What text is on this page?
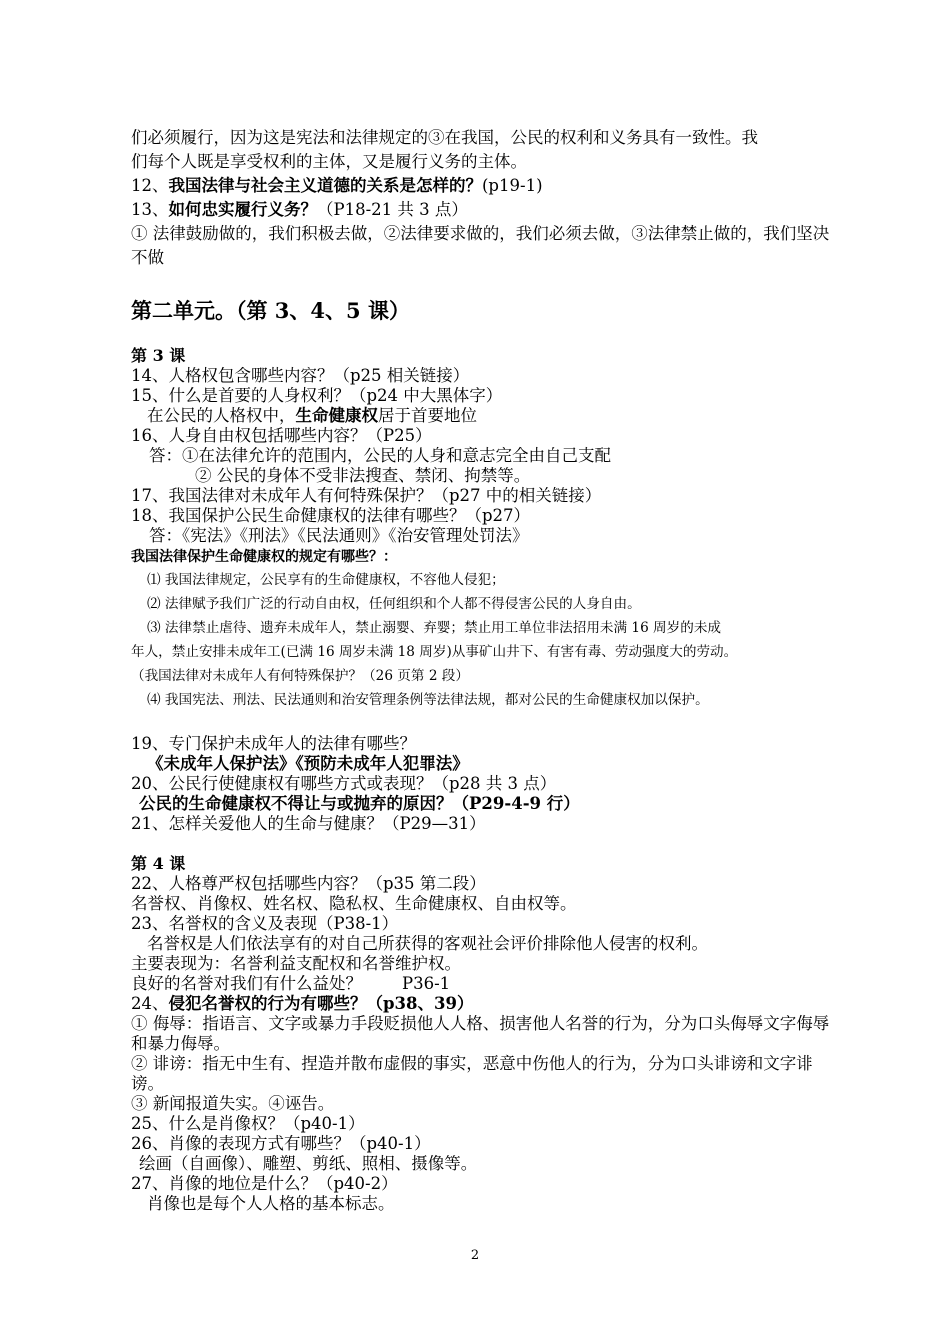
们必须履行，因为这是宪法和法律规定的③在我国，公民的权利和义务具有一致性。我
们每个人既是享受权利的主体，又是履行义务的主体。
12、我国法律与社会主义道德的关系是怎样的？(p19-1)
13、如何忠实履行义务？（P18-21 共 3 点）
① 法律鼓励做的，我们积极去做，②法律要求做的，我们必须去做，③法律禁止做的，我们坚决不做
第二单元。（第 3、4、5 课）
第 3 课
14、人格权包含哪些内容？（p25 相关链接）
15、什么是首要的人身权利？（p24 中大黑体字）
在公民的人格权中，生命健康权居于首要地位
16、人身自由权包括哪些内容？（P25）
答：①在法律允许的范围内，公民的人身和意志完全由自己支配
② 公民的身体不受非法搜查、禁闭、拘禁等。
17、我国法律对未成年人有何特殊保护？（p27 中的相关链接）
18、我国保护公民生命健康权的法律有哪些？（p27）
答：《宪法》《刑法》《民法通则》《治安管理处罚法》
我国法律保护生命健康权的规定有哪些？：
⑴ 我国法律规定，公民享有的生命健康权，不容他人侵犯；
⑵ 法律赋予我们广泛的行动自由权，任何组织和个人都不得侵害公民的人身自由。
⑶ 法律禁止虐待、遗弃未成年人，禁止溺婴、弃婴；禁止用工单位非法招用未满 16 周岁的未成
年人，禁止安排未成年工(已满 16 周岁未满 18 周岁)从事矿山井下、有害有毒、劳动强度大的劳动。
（我国法律对未成年人有何特殊保护？（26 页第 2 段）
⑷ 我国宪法、刑法、民法通则和治安管理条例等法律法规，都对公民的生命健康权加以保护。
19、专门保护未成年人的法律有哪些？
《未成年人保护法》《预防未成年人犯罪法》
20、公民行使健康权有哪些方式或表现？（p28 共 3 点）
公民的生命健康权不得让与或抛弃的原因？（P29-4-9 行）
21、怎样关爱他人的生命与健康？（P29—31）
第 4 课
22、人格尊严权包括哪些内容？（p35 第二段）
名誉权、肖像权、姓名权、隐私权、生命健康权、自由权等。
23、名誉权的含义及表现（P38-1）
名誉权是人们依法享有的对自己所获得的客观社会评价排除他人侵害的权利。
主要表现为：名誉利益支配权和名誉维护权。
良好的名誉对我们有什么益处？ P36-1
24、侵犯名誉权的行为有哪些？（p38、39）
① 侮辱：指语言、文字或暴力手段贬损他人人格、损害他人名誉的行为，分为口头侮辱文字侮辱和暴力侮辱。
② 诽谤：指无中生有、捏造并散布虚假的事实，恶意中伤他人的行为，分为口头诽谤和文字诽谤。
③ 新闻报道失实。④诬告。
25、什么是肖像权？（p40-1）
26、肖像的表现方式有哪些？（p40-1）
绘画（自画像）、雕塑、剪纸、照相、摄像等。
27、肖像的地位是什么？（p40-2）
肖像也是每个人人格的基本标志。
2
